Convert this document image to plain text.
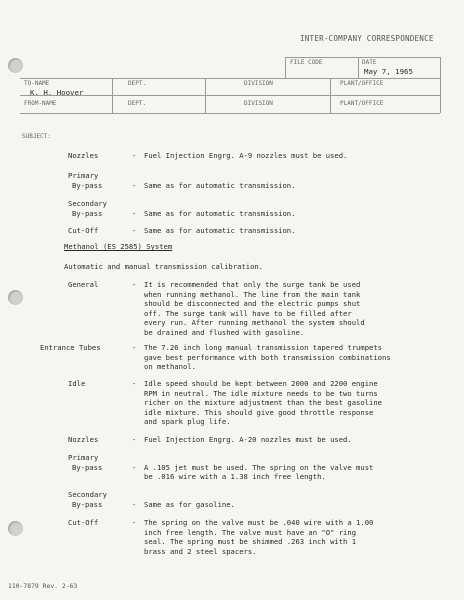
INTER-COMPANY CORRESPONDENCE
FILE CODE	DATE
May 7, 1965
TO-NAME
K. H. Hoover
DEPT.	DIVISION	PLANT/OFFICE
FROM-NAME	DEPT.	DIVISION	PLANT/OFFICE
SUBJECT:
Nozzles	- Fuel Injection Engrg. A-9 nozzles must be used.
Primary
By-pass	- Same as for automatic transmission.
Secondary
By-pass	- Same as for automatic transmission.
Cut-Off	- Same as for automatic transmission.
Methanol (ES 2585) System
Automatic and manual transmission calibration.
General	- It is recommended that only the surge tank be used
when running methanol. The line from the main tank
should be disconnected and the electric pumps shut
off. The surge tank will have to be filled after
every run. After running methanol the system should
be drained and flushed with gasoline.
Entrance Tubes	- The 7.26 inch long manual transmission tapered trumpets
gave best performance with both transmission combinations
on methanol.
Idle	- Idle speed should be kept between 2000 and 2200 engine
RPM in neutral. The idle mixture needs to be two turns
richer on the mixture adjustment than the best gasoline
idle mixture. This should give good throttle response
and spark plug life.
Nozzles	- Fuel Injection Engrg. A-20 nozzles must be used.
Primary
By-pass	- A .105 jet must be used. The spring on the valve must
be .016 wire with a 1.38 inch free length.
Secondary
By-pass	- Same as for gasoline.
Cut-Off	- The spring on the valve must be .040 wire with a 1.00
inch free length. The valve must have an "O" ring
seal. The spring must be shimmed .263 inch with 1
brass and 2 steel spacers.
110-7879 Rev. 2-63
